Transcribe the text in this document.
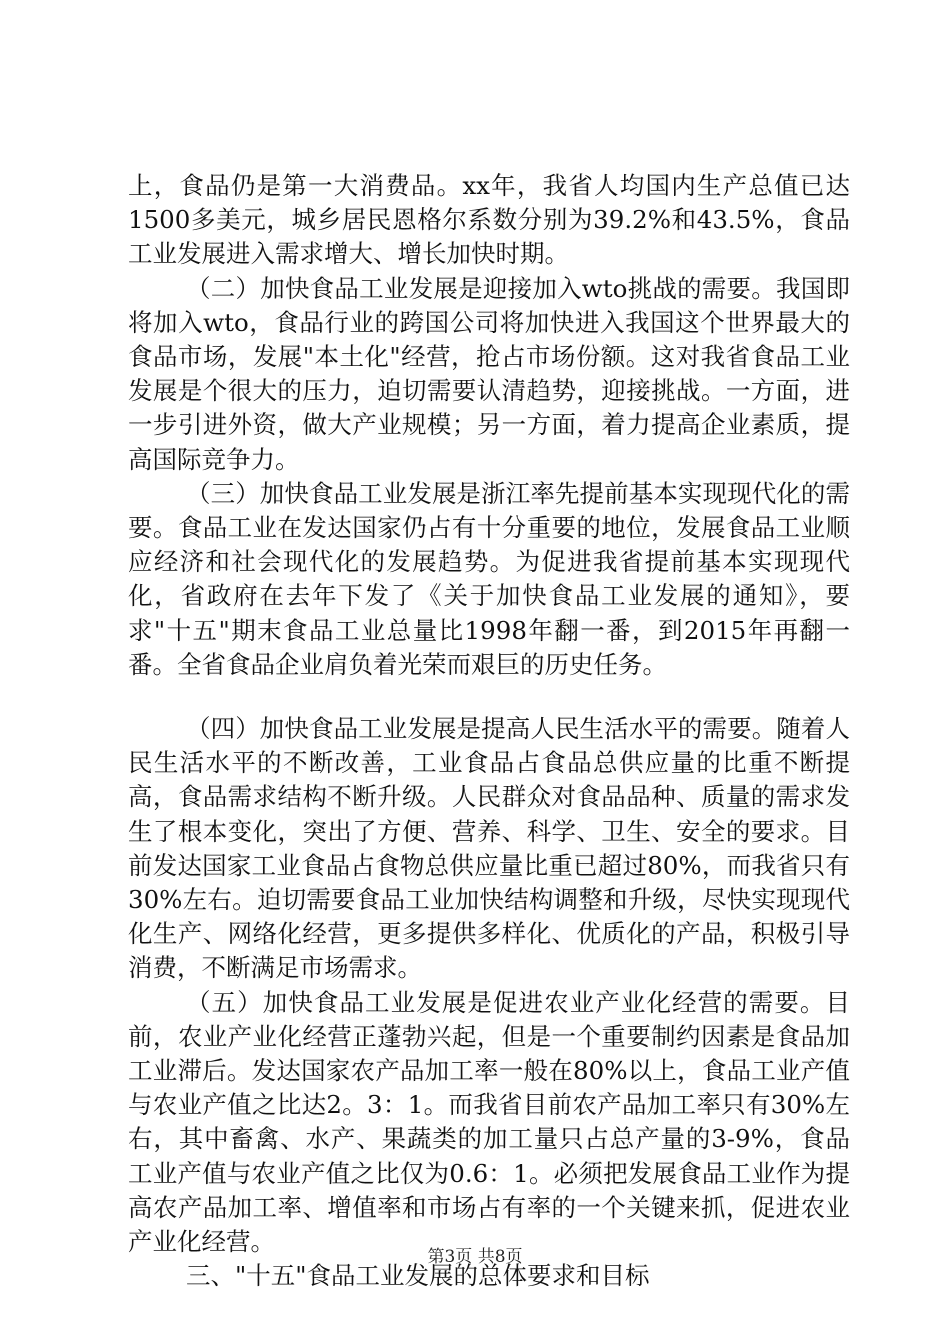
上，食品仍是第一大消费品。xx年，我省人均国内生产总值已达1500多美元，城乡居民恩格尔系数分别为39.2%和43.5%，食品工业发展进入需求增大、增长加快时期。

（二）加快食品工业发展是迎接加入wto挑战的需要。我国即将加入wto，食品行业的跨国公司将加快进入我国这个世界最大的食品市场，发展"本土化"经营，抢占市场份额。这对我省食品工业发展是个很大的压力，迫切需要认清趋势，迎接挑战。一方面，进一步引进外资，做大产业规模；另一方面，着力提高企业素质，提高国际竞争力。

（三）加快食品工业发展是浙江率先提前基本实现现代化的需要。食品工业在发达国家仍占有十分重要的地位，发展食品工业顺应经济和社会现代化的发展趋势。为促进我省提前基本实现现代化，省政府在去年下发了《关于加快食品工业发展的通知》，要求"十五"期末食品工业总量比1998年翻一番，到2015年再翻一番。全省食品企业肩负着光荣而艰巨的历史任务。

（四）加快食品工业发展是提高人民生活水平的需要。随着人民生活水平的不断改善，工业食品占食品总供应量的比重不断提高，食品需求结构不断升级。人民群众对食品品种、质量的需求发生了根本变化，突出了方便、营养、科学、卫生、安全的要求。目前发达国家工业食品占食物总供应量比重已超过80%，而我省只有30%左右。迫切需要食品工业加快结构调整和升级，尽快实现现代化生产、网络化经营，更多提供多样化、优质化的产品，积极引导消费，不断满足市场需求。

（五）加快食品工业发展是促进农业产业化经营的需要。目前，农业产业化经营正蓬勃兴起，但是一个重要制约因素是食品加工业滞后。发达国家农产品加工率一般在80%以上，食品工业产值与农业产值之比达2。3：1。而我省目前农产品加工率只有30%左右，其中畜禽、水产、果蔬类的加工量只占总产量的3-9%，食品工业产值与农业产值之比仅为0.6：1。必须把发展食品工业作为提高农产品加工率、增值率和市场占有率的一个关键来抓，促进农业产业化经营。

三、"十五"食品工业发展的总体要求和目标

第3页 共8页
